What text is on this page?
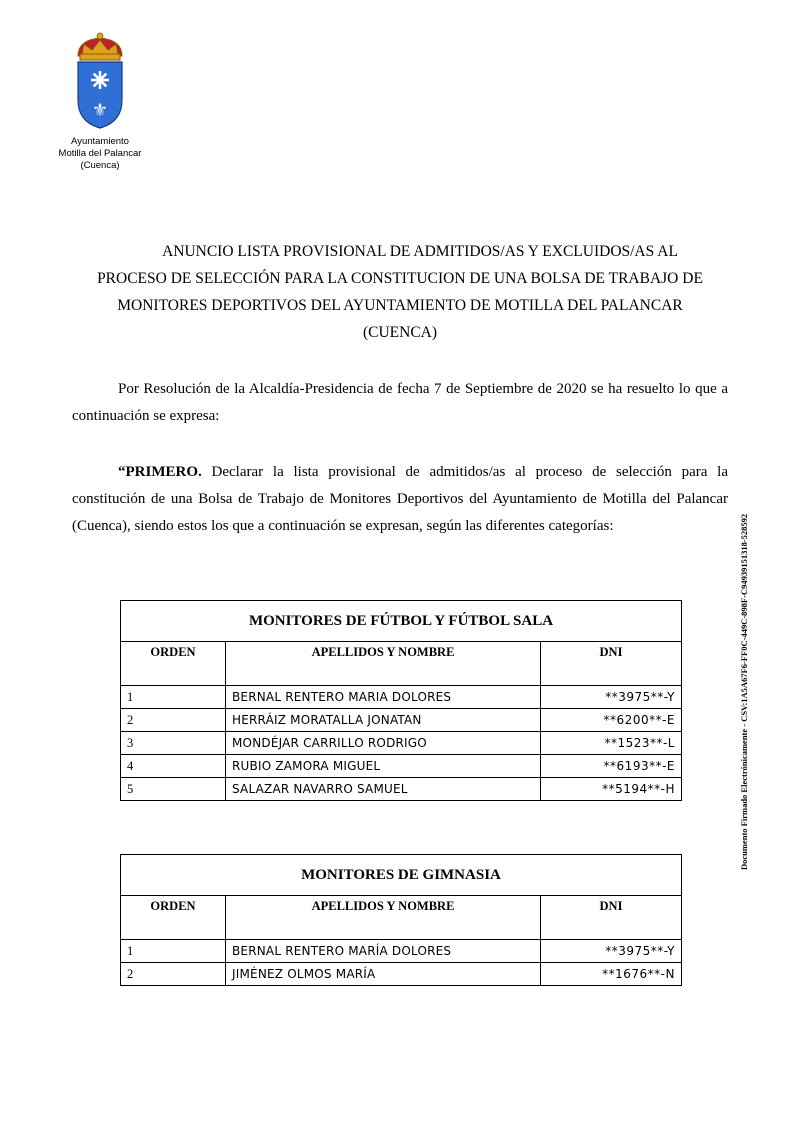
⚜
Ayuntamiento
Motilla del Palancar
(Cuenca)
ANUNCIO LISTA PROVISIONAL DE ADMITIDOS/AS Y EXCLUIDOS/AS AL
PROCESO DE SELECCIÓN PARA LA CONSTITUCION DE UNA BOLSA DE TRABAJO DE
MONITORES DEPORTIVOS DEL AYUNTAMIENTO DE MOTILLA DEL PALANCAR
(CUENCA)
Por Resolución de la Alcaldía-Presidencia de fecha 7 de Septiembre de 2020 se ha resuelto lo que a continuación se expresa:
“PRIMERO. Declarar la lista provisional de admitidos/as al proceso de selección para la constitución de una Bolsa de Trabajo de Monitores Deportivos del Ayuntamiento de Motilla del Palancar (Cuenca), siendo estos los que a continuación se expresan, según las diferentes categorías:
MONITORES DE FÚTBOL Y FÚTBOL SALA		
ORDEN	APELLIDOS Y NOMBRE	DNI
1	BERNAL RENTERO MARIA DOLORES	**3975**-Y
2	HERRÁIZ MORATALLA JONATAN	**6200**-E
3	MONDÉJAR CARRILLO RODRIGO	**1523**-L
4	RUBIO ZAMORA MIGUEL	**6193**-E
5	SALAZAR NAVARRO SAMUEL	**5194**-H
MONITORES DE GIMNASIA		
ORDEN	APELLIDOS Y NOMBRE	DNI
1	BERNAL RENTERO MARÍA DOLORES	**3975**-Y
2	JIMÉNEZ OLMOS MARÍA	**1676**-N
Documento Firmado Electrónicamente - CSV:1A5A67F6-FF0C-449C-898F-C94939151318-528592
